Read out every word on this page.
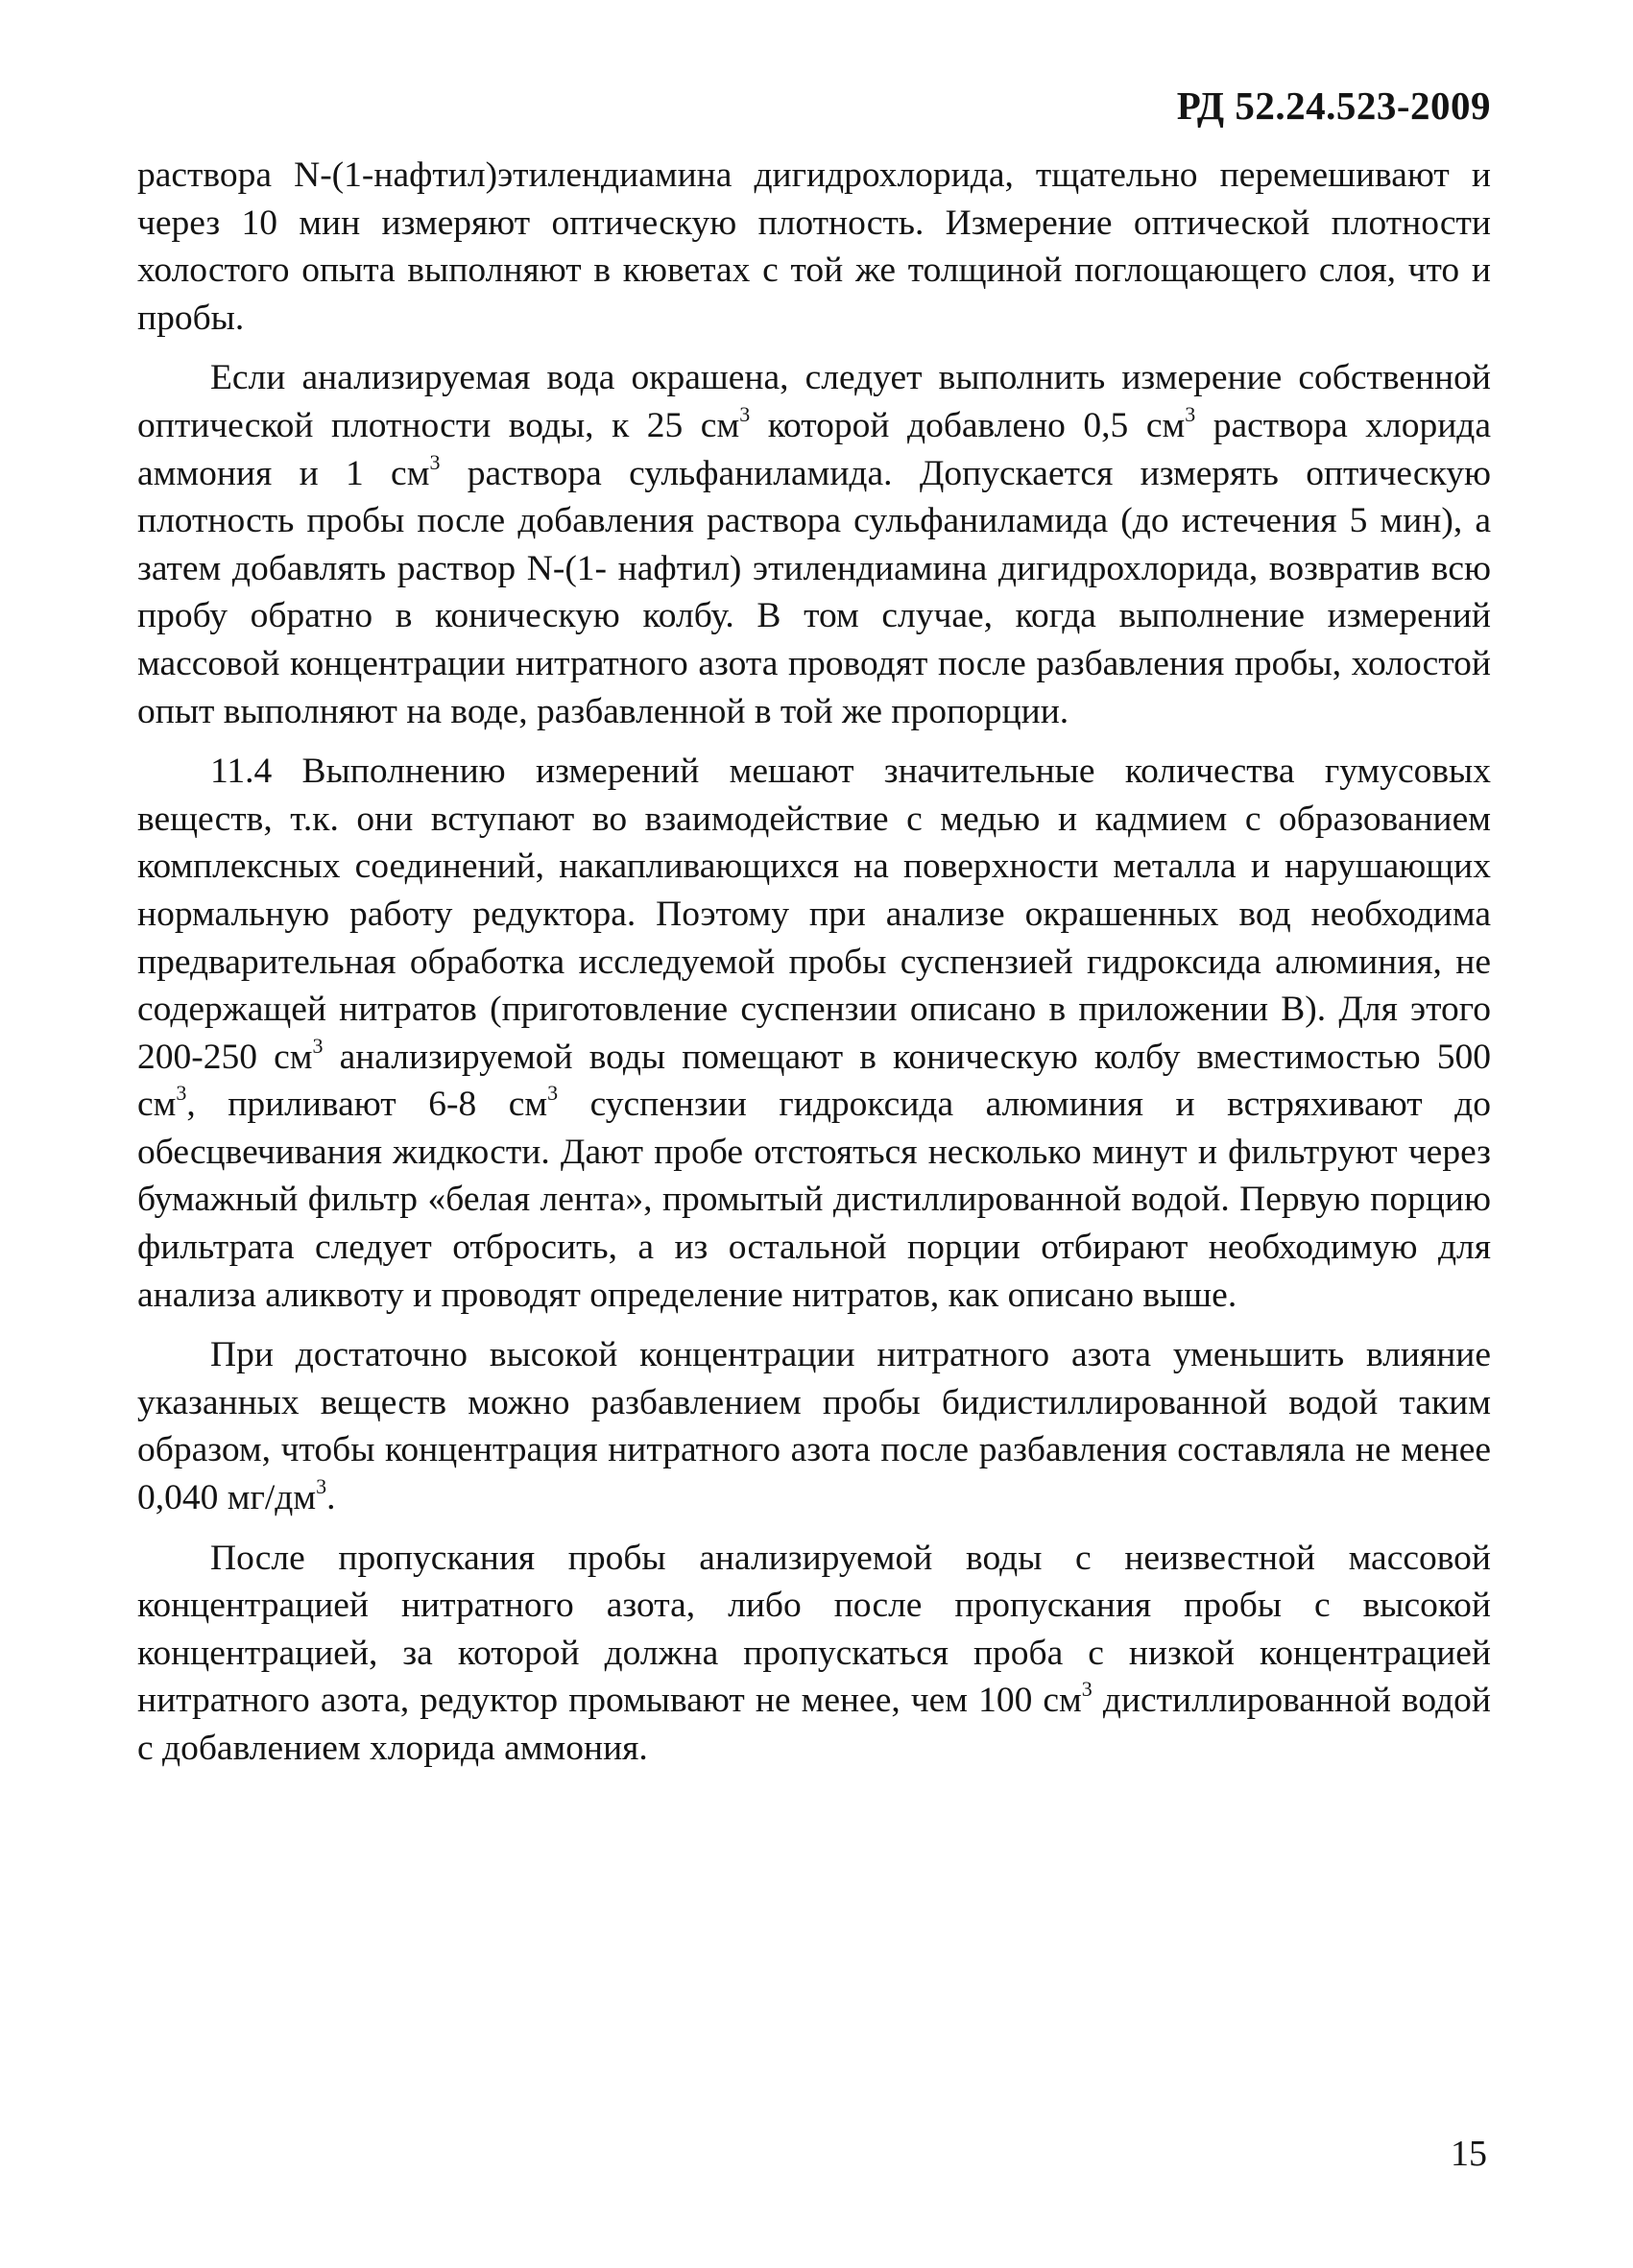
РД 52.24.523-2009

раствора N-(1-нафтил)этилендиамина дигидрохлорида, тщательно перемешивают и через 10 мин измеряют оптическую плотность. Измерение оптической плотности холостого опыта выполняют в кюветах с той же толщиной поглощающего слоя, что и пробы.

Если анализируемая вода окрашена, следует выполнить измерение собственной оптической плотности воды, к 25 $см^3$ которой добавлено 0,5 $см^3$ раствора хлорида аммония и 1 $см^3$ раствора сульфаниламида. Допускается измерять оптическую плотность пробы после добавления раствора сульфаниламида (до истечения 5 мин), а затем добавлять раствор N-(1- нафтил) этилендиамина дигидрохлорида, возвратив всю пробу обратно в коническую колбу. В том случае, когда выполнение измерений массовой концентрации нитратного азота проводят после разбавления пробы, холостой опыт выполняют на воде, разбавленной в той же пропорции.

11.4 Выполнению измерений мешают значительные количества гумусовых веществ, т.к. они вступают во взаимодействие с медью и кадмием с образованием комплексных соединений, накапливающихся на поверхности металла и нарушающих нормальную работу редуктора. Поэтому при анализе окрашенных вод необходима предварительная обработка исследуемой пробы суспензией гидроксида алюминия, не содержащей нитратов (приготовление суспензии описано в приложении В). Для этого 200-250 $см^3$ анализируемой воды помещают в коническую колбу вместимостью 500 $см^3$, приливают 6-8 $см^3$ суспензии гидроксида алюминия и встряхивают до обесцвечивания жидкости. Дают пробе отстояться несколько минут и фильтруют через бумажный фильтр «белая лента», промытый дистиллированной водой. Первую порцию фильтрата следует отбросить, а из остальной порции отбирают необходимую для анализа аликвоту и проводят определение нитратов, как описано выше.

При достаточно высокой концентрации нитратного азота уменьшить влияние указанных веществ можно разбавлением пробы бидистиллированной водой таким образом, чтобы концентрация нитратного азота после разбавления составляла не менее 0,040 $мг/дм^3$.

После пропускания пробы анализируемой воды с неизвестной массовой концентрацией нитратного азота, либо после пропускания пробы с высокой концентрацией, за которой должна пропускаться проба с низкой концентрацией нитратного азота, редуктор промывают не менее, чем 100 $см^3$ дистиллированной водой с добавлением хлорида аммония.

15
